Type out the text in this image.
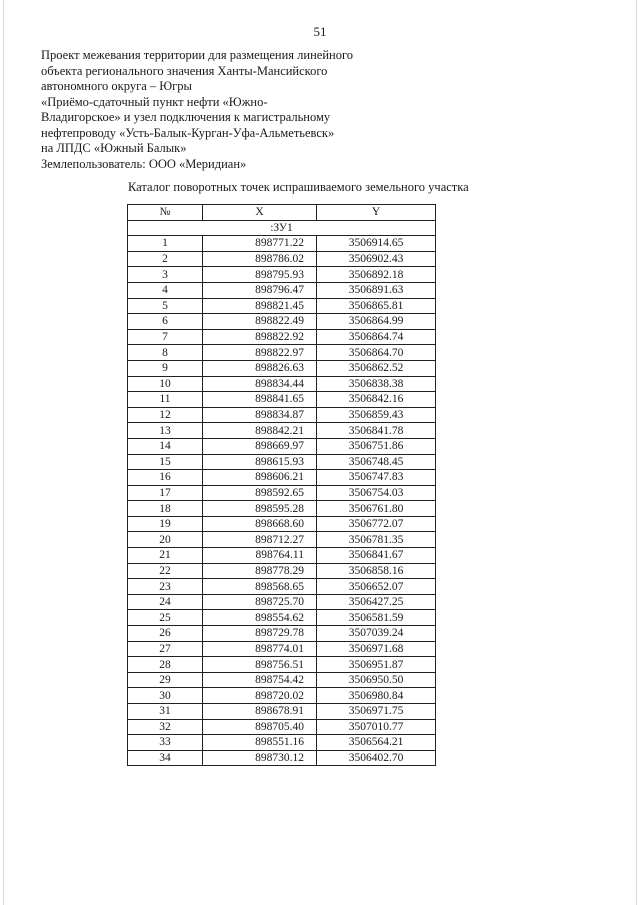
51
Проект межевания территории для размещения линейного
объекта регионального значения Ханты-Мансийского
автономного округа – Югры
«Приёмо-сдаточный пункт нефти «Южно-
Владигорское» и узел подключения к магистральному
нефтепроводу «Усть-Балык-Курган-Уфа-Альметьевск»
на ЛПДС «Южный Балык»
Землепользователь: ООО «Меридиан»
Каталог поворотных точек испрашиваемого земельного участка
№	X	Y
:ЗУ1		
1	898771.22	3506914.65
2	898786.02	3506902.43
3	898795.93	3506892.18
4	898796.47	3506891.63
5	898821.45	3506865.81
6	898822.49	3506864.99
7	898822.92	3506864.74
8	898822.97	3506864.70
9	898826.63	3506862.52
10	898834.44	3506838.38
11	898841.65	3506842.16
12	898834.87	3506859.43
13	898842.21	3506841.78
14	898669.97	3506751.86
15	898615.93	3506748.45
16	898606.21	3506747.83
17	898592.65	3506754.03
18	898595.28	3506761.80
19	898668.60	3506772.07
20	898712.27	3506781.35
21	898764.11	3506841.67
22	898778.29	3506858.16
23	898568.65	3506652.07
24	898725.70	3506427.25
25	898554.62	3506581.59
26	898729.78	3507039.24
27	898774.01	3506971.68
28	898756.51	3506951.87
29	898754.42	3506950.50
30	898720.02	3506980.84
31	898678.91	3506971.75
32	898705.40	3507010.77
33	898551.16	3506564.21
34	898730.12	3506402.70
